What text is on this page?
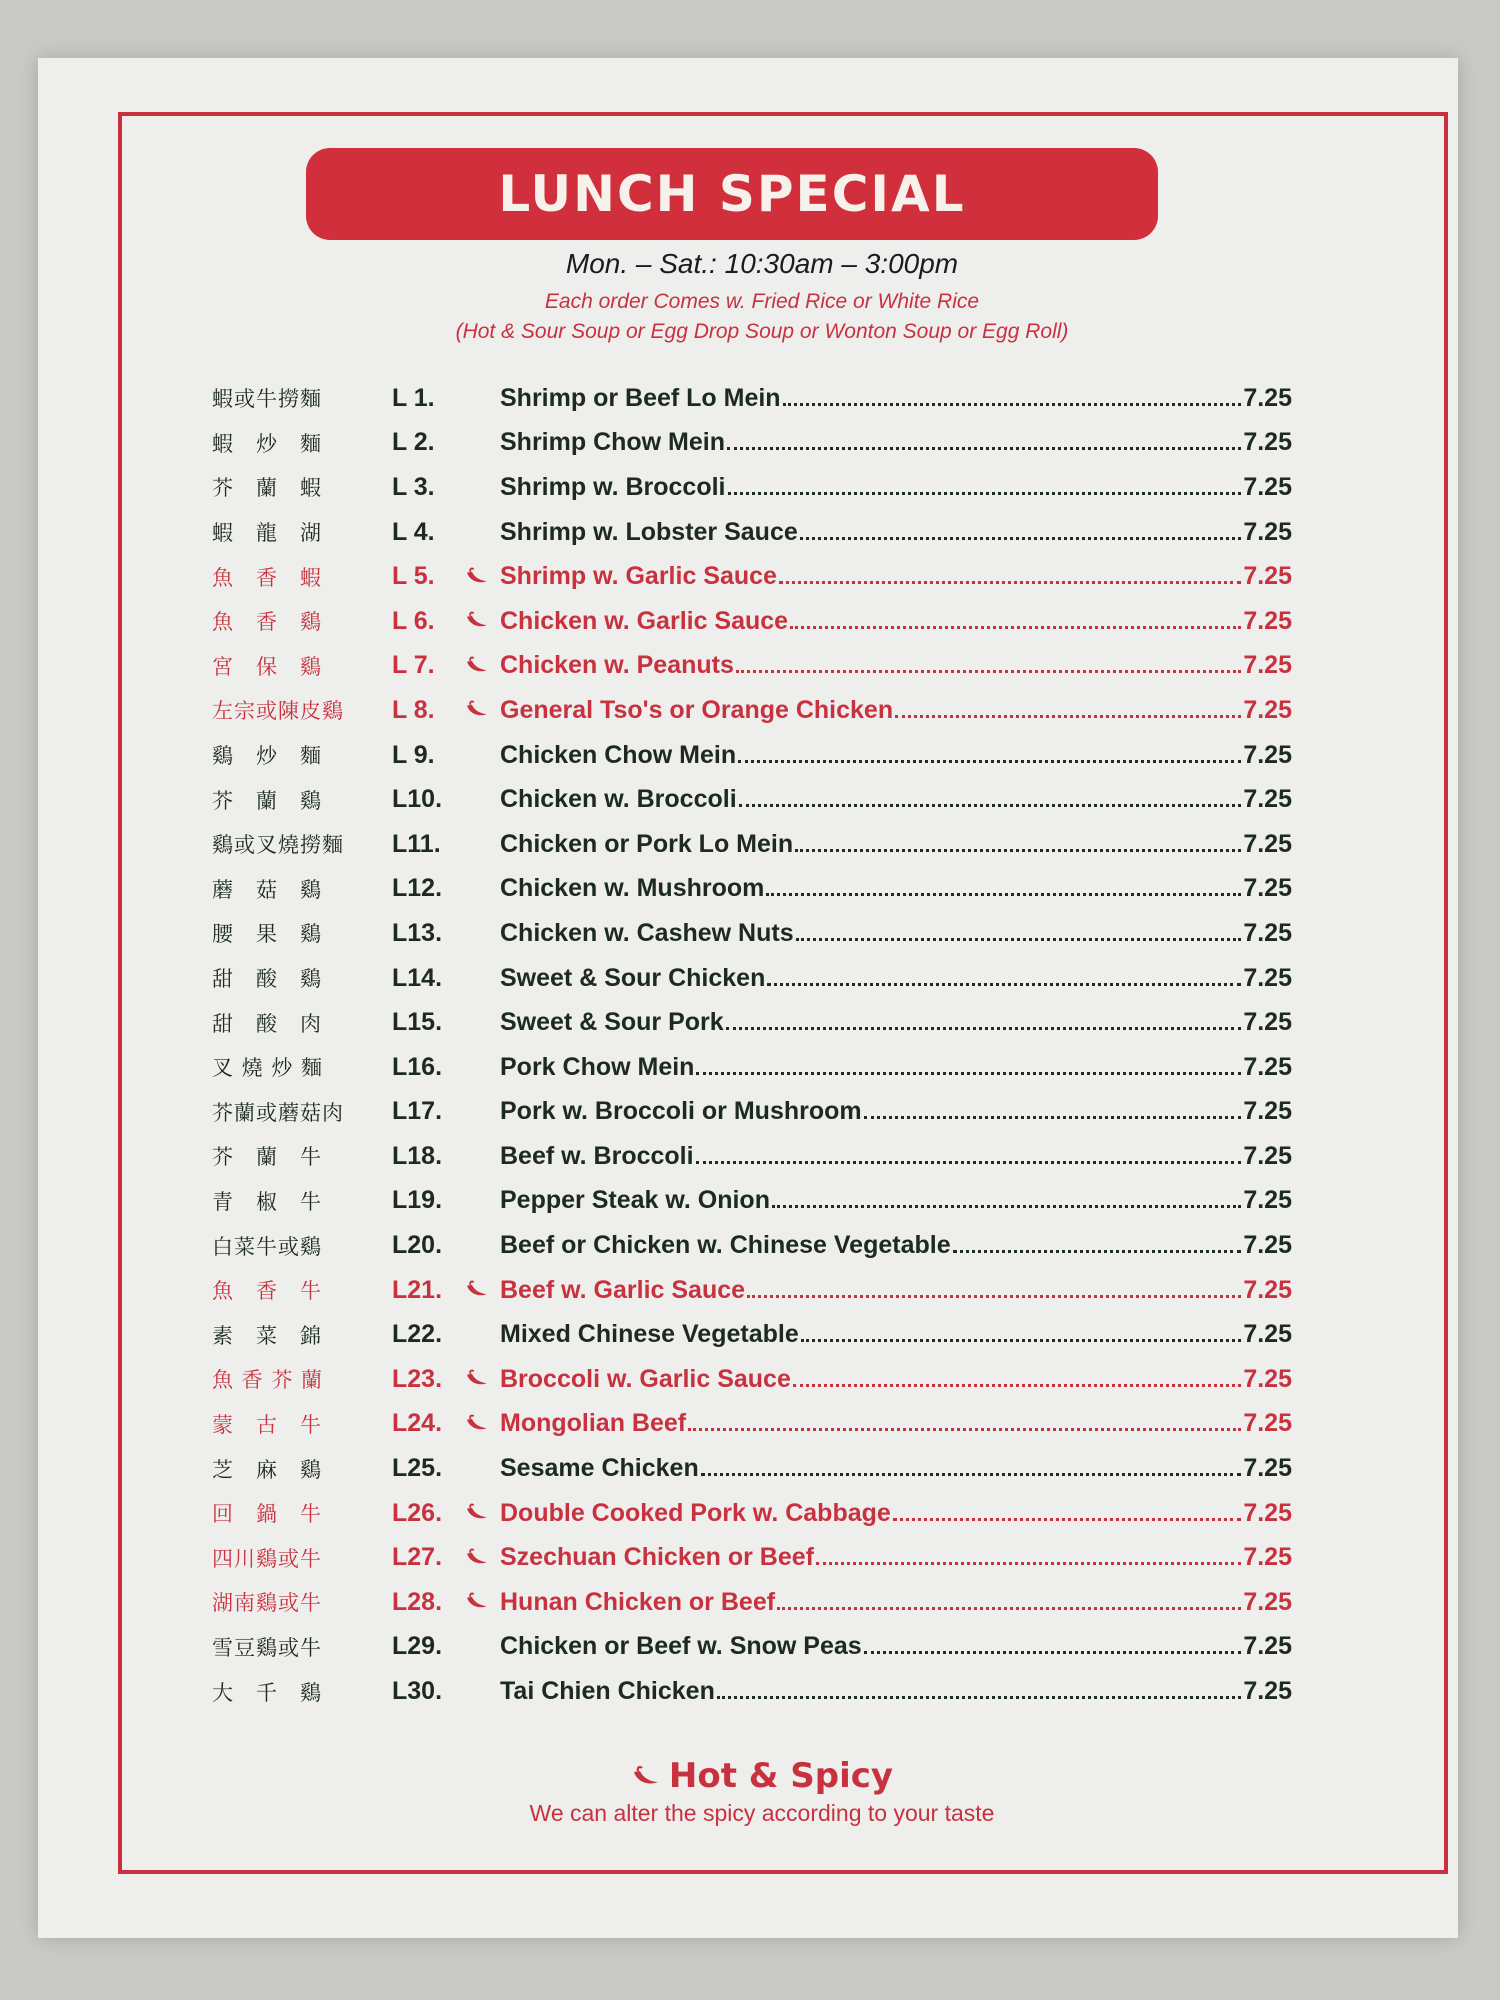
LUNCH SPECIAL
Mon. – Sat.: 10:30am – 3:00pm
Each order Comes w. Fried Rice or White Rice
(Hot & Sour Soup or Egg Drop Soup or Wonton Soup or Egg Roll)
蝦或牛撈麵	L 1.	Shrimp or Beef Lo Mein	7.25
蝦　炒　麵	L 2.	Shrimp Chow Mein	7.25
芥　蘭　蝦	L 3.	Shrimp w. Broccoli	7.25
蝦　龍　湖	L 4.	Shrimp w. Lobster Sauce	7.25
魚　香　蝦	L 5.	Shrimp w. Garlic Sauce	7.25
魚　香　鷄	L 6.	Chicken w. Garlic Sauce	7.25
宮　保　鷄	L 7.	Chicken w. Peanuts	7.25
左宗或陳皮鷄	L 8.	General Tso's or Orange Chicken	7.25
鷄　炒　麵	L 9.	Chicken Chow Mein	7.25
芥　蘭　鷄	L10.	Chicken w. Broccoli	7.25
鷄或叉燒撈麵	L11.	Chicken or Pork Lo Mein	7.25
蘑　菇　鷄	L12.	Chicken w. Mushroom	7.25
腰　果　鷄	L13.	Chicken w. Cashew Nuts	7.25
甜　酸　鷄	L14.	Sweet & Sour Chicken	7.25
甜　酸　肉	L15.	Sweet & Sour Pork	7.25
叉 燒 炒 麵	L16.	Pork Chow Mein	7.25
芥蘭或蘑菇肉	L17.	Pork w. Broccoli or Mushroom	7.25
芥　蘭　牛	L18.	Beef w. Broccoli	7.25
青　椒　牛	L19.	Pepper Steak w. Onion	7.25
白菜牛或鷄	L20.	Beef or Chicken w. Chinese Vegetable	7.25
魚　香　牛	L21.	Beef w. Garlic Sauce	7.25
素　菜　錦	L22.	Mixed Chinese Vegetable	7.25
魚 香 芥 蘭	L23.	Broccoli w. Garlic Sauce	7.25
蒙　古　牛	L24.	Mongolian Beef	7.25
芝　麻　鷄	L25.	Sesame Chicken	7.25
回　鍋　牛	L26.	Double Cooked Pork w. Cabbage	7.25
四川鷄或牛	L27.	Szechuan Chicken or Beef	7.25
湖南鷄或牛	L28.	Hunan Chicken or Beef	7.25
雪豆鷄或牛	L29.	Chicken or Beef w. Snow Peas	7.25
大　千　鷄	L30.	Tai Chien Chicken	7.25
Hot & Spicy
We can alter the spicy according to your taste
